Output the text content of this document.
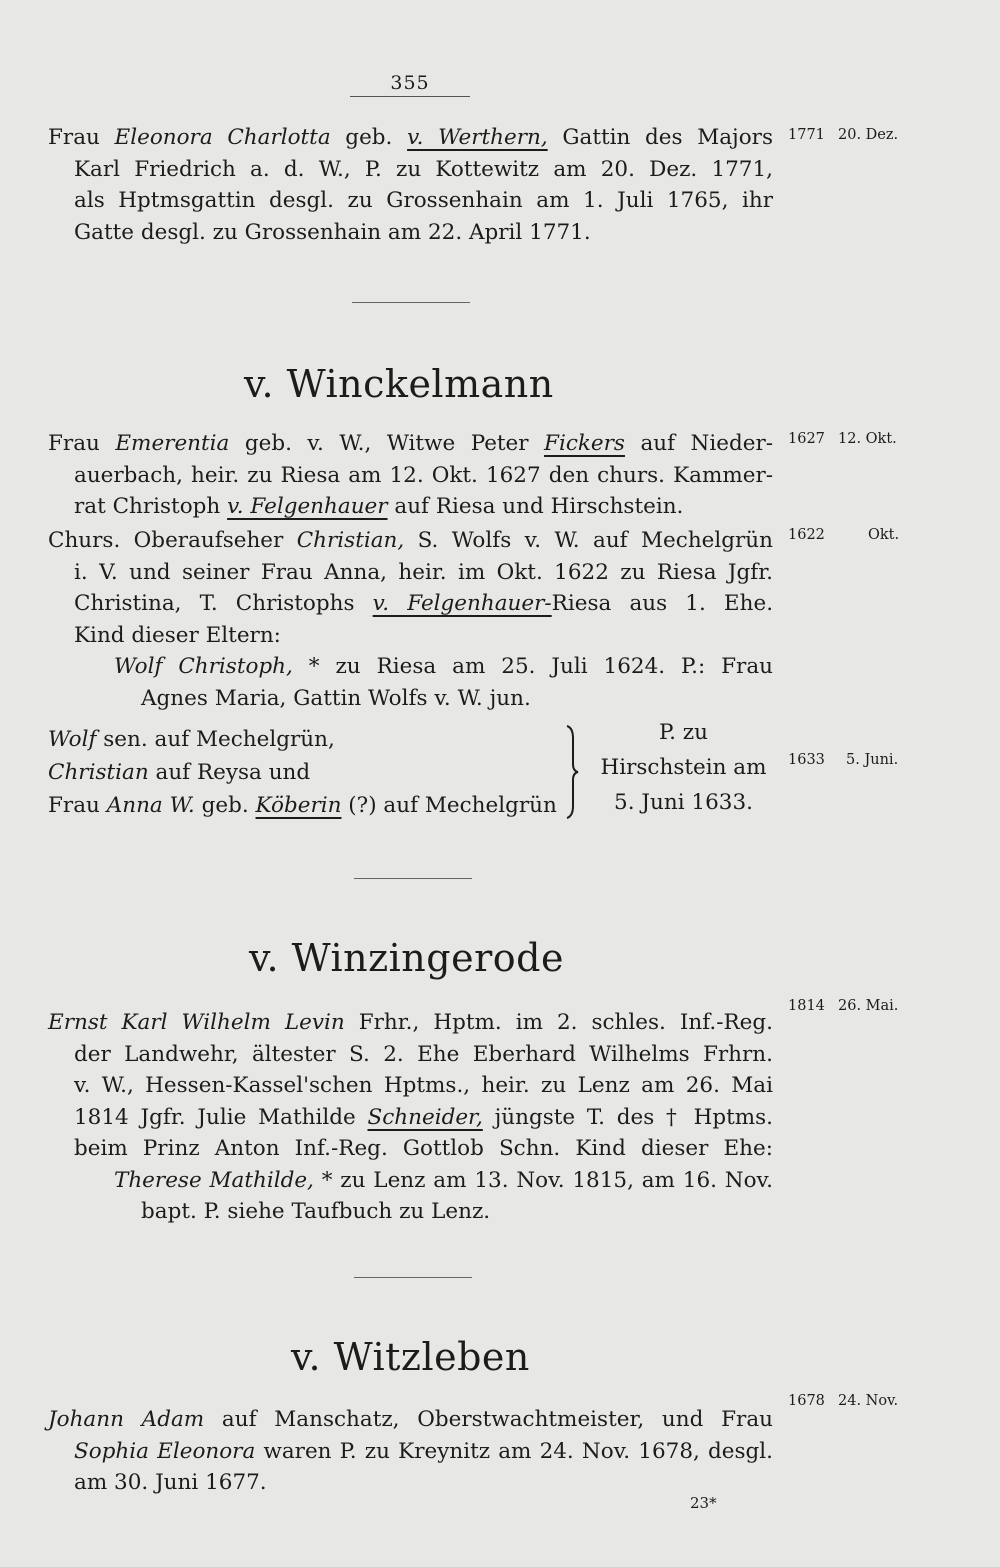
355
Frau Eleonora Charlotta geb. v. Werthern, Gattin des Majors
Karl Friedrich a. d. W., P. zu Kottewitz am 20. Dez. 1771,
als Hptmsgattin desgl. zu Grossenhain am 1. Juli 1765, ihr
Gatte desgl. zu Grossenhain am 22. April 1771.
1771 20. Dez.
v. Winckelmann
Frau Emerentia geb. v. W., Witwe Peter Fickers auf Nieder-
auerbach, heir. zu Riesa am 12. Okt. 1627 den churs. Kammer-
rat Christoph v. Felgenhauer auf Riesa und Hirschstein.
1627 12. Okt.
Churs. Oberaufseher Christian, S. Wolfs v. W. auf Mechelgrün
i. V. und seiner Frau Anna, heir. im Okt. 1622 zu Riesa Jgfr.
Christina, T. Christophs v. Felgenhauer-Riesa aus 1. Ehe.
Kind dieser Eltern:
Wolf Christoph, * zu Riesa am 25. Juli 1624. P.: Frau
Agnes Maria, Gattin Wolfs v. W. jun.
1622	Okt.
Wolf sen. auf Mechelgrün,
Christian auf Reysa und
Frau Anna W. geb. Köberin (?) auf Mechelgrün
P. zu
Hirschstein am
5. Juni 1633.
1633 5. Juni.
v. Winzingerode
Ernst Karl Wilhelm Levin Frhr., Hptm. im 2. schles. Inf.-Reg.
der Landwehr, ältester S. 2. Ehe Eberhard Wilhelms Frhrn.
v. W., Hessen-Kassel'schen Hptms., heir. zu Lenz am 26. Mai
1814 Jgfr. Julie Mathilde Schneider, jüngste T. des † Hptms.
beim Prinz Anton Inf.-Reg. Gottlob Schn. Kind dieser Ehe:
Therese Mathilde, * zu Lenz am 13. Nov. 1815, am 16. Nov.
bapt. P. siehe Taufbuch zu Lenz.
1814 26. Mai.
v. Witzleben
Johann Adam auf Manschatz, Oberstwachtmeister, und Frau
Sophia Eleonora waren P. zu Kreynitz am 24. Nov. 1678, desgl.
am 30. Juni 1677.
1678 24. Nov.
23*
